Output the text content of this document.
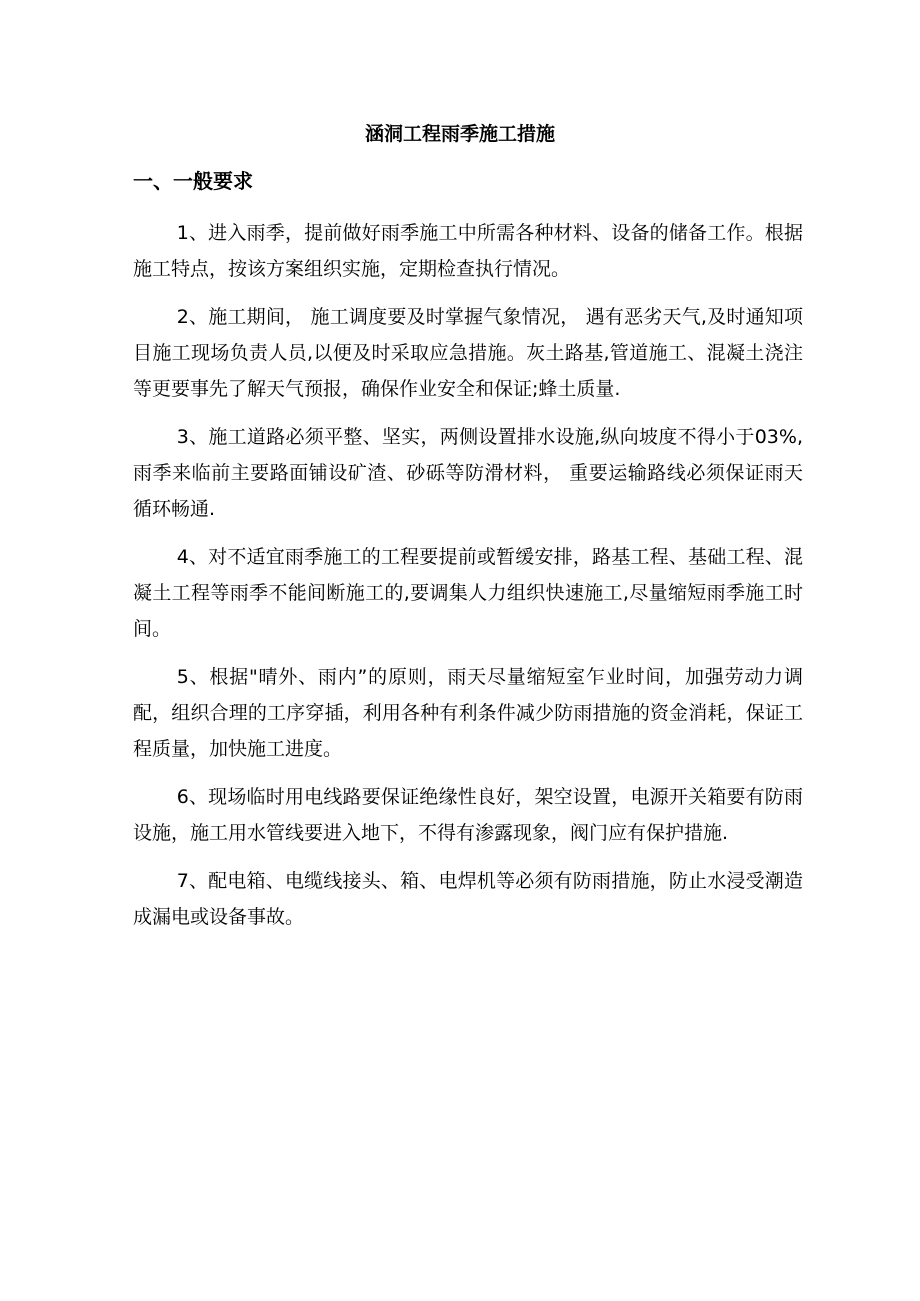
涵洞工程雨季施工措施
一、一般要求

1、进入雨季，提前做好雨季施工中所需各种材料、设备的储备工作。根据施工特点，按该方案组织实施，定期检查执行情况。

2、施工期间， 施工调度要及时掌握气象情况， 遇有恶劣天气,及时通知项目施工现场负责人员,以便及时采取应急措施。灰土路基,管道施工、混凝土浇注等更要事先了解天气预报，确保作业安全和保证;蜂土质量.

3、施工道路必须平整、坚实，两侧设置排水设施,纵向坡度不得小于03%,雨季来临前主要路面铺设矿渣、砂砾等防滑材料， 重要运输路线必须保证雨天循环畅通.

4、对不适宜雨季施工的工程要提前或暂缓安排，路基工程、基础工程、混凝土工程等雨季不能间断施工的,要调集人力组织快速施工,尽量缩短雨季施工时间。

5、根据"晴外、雨内”的原则，雨天尽量缩短室乍业时间，加强劳动力调配，组织合理的工序穿插，利用各种有利条件减少防雨措施的资金消耗，保证工程质量，加快施工进度。

6、现场临时用电线路要保证绝缘性良好，架空设置，电源开关箱要有防雨设施，施工用水管线要进入地下，不得有渗露现象，阀门应有保护措施.

7、配电箱、电缆线接头、箱、电焊机等必须有防雨措施，防止水浸受潮造成漏电或设备事故。
